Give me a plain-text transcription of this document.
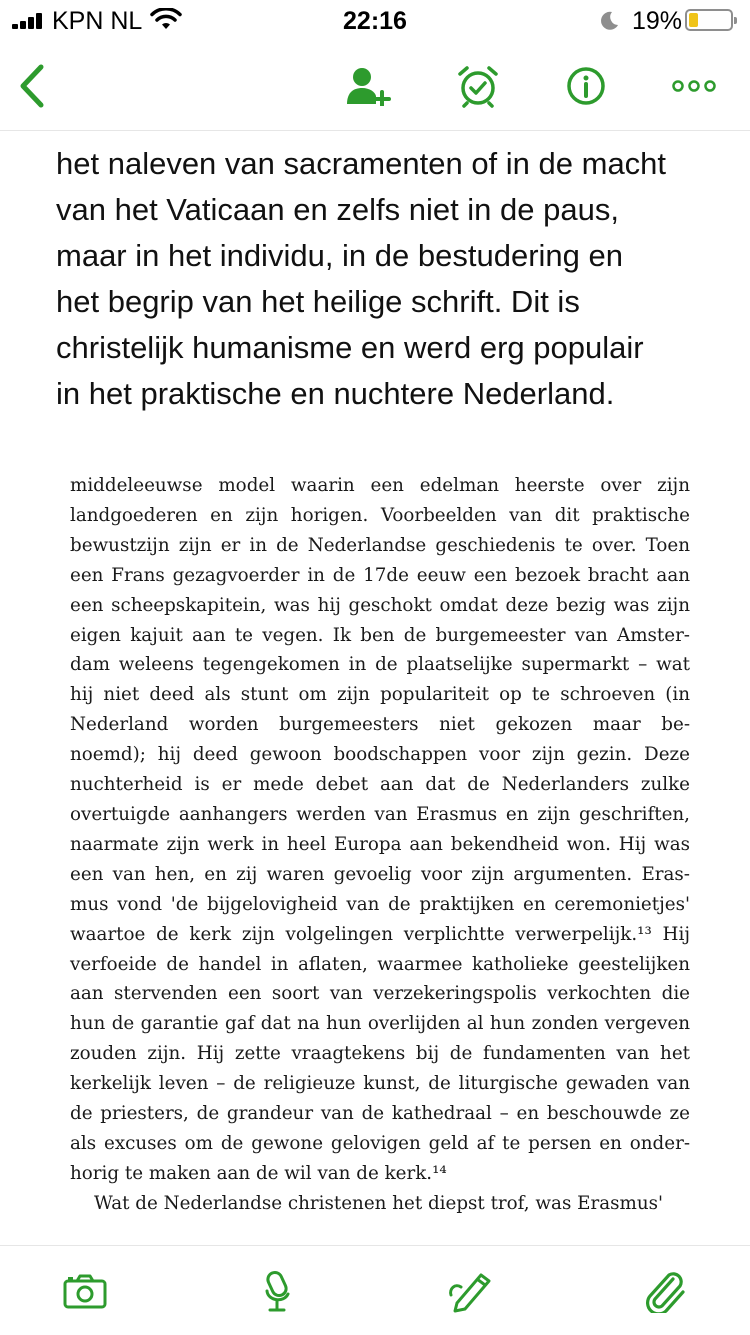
KPN NL	22:16	19%
het naleven van sacramenten of in de macht
van het Vaticaan en zelfs niet in de paus,
maar in het individu, in de bestudering en
het begrip van het heilige schrift. Dit is
christelijk humanisme en werd erg populair
in het praktische en nuchtere Nederland.
middeleeuwse model waarin een edelman heerste over zijn
landgoederen en zijn horigen. Voorbeelden van dit praktische
bewustzijn zijn er in de Nederlandse geschiedenis te over. Toen
een Frans gezagvoerder in de 17de eeuw een bezoek bracht aan
een scheepskapitein, was hij geschokt omdat deze bezig was zijn
eigen kajuit aan te vegen. Ik ben de burgemeester van Amster-
dam weleens tegengekomen in de plaatselijke supermarkt – wat
hij niet deed als stunt om zijn populariteit op te schroeven (in
Nederland worden burgemeesters niet gekozen maar be-
noemd); hij deed gewoon boodschappen voor zijn gezin. Deze
nuchterheid is er mede debet aan dat de Nederlanders zulke
overtuigde aanhangers werden van Erasmus en zijn geschriften,
naarmate zijn werk in heel Europa aan bekendheid won. Hij was
een van hen, en zij waren gevoelig voor zijn argumenten. Eras-
mus vond 'de bijgelovigheid van de praktijken en ceremonietjes'
waartoe de kerk zijn volgelingen verplichtte verwerpelijk.¹³ Hij
verfoeide de handel in aflaten, waarmee katholieke geestelijken
aan stervenden een soort van verzekeringspolis verkochten die
hun de garantie gaf dat na hun overlijden al hun zonden vergeven
zouden zijn. Hij zette vraagtekens bij de fundamenten van het
kerkelijk leven – de religieuze kunst, de liturgische gewaden van
de priesters, de grandeur van de kathedraal – en beschouwde ze
als excuses om de gewone gelovigen geld af te persen en onder-
horig te maken aan de wil van de kerk.¹⁴
Wat de Nederlandse christenen het diepst trof, was Erasmus'
